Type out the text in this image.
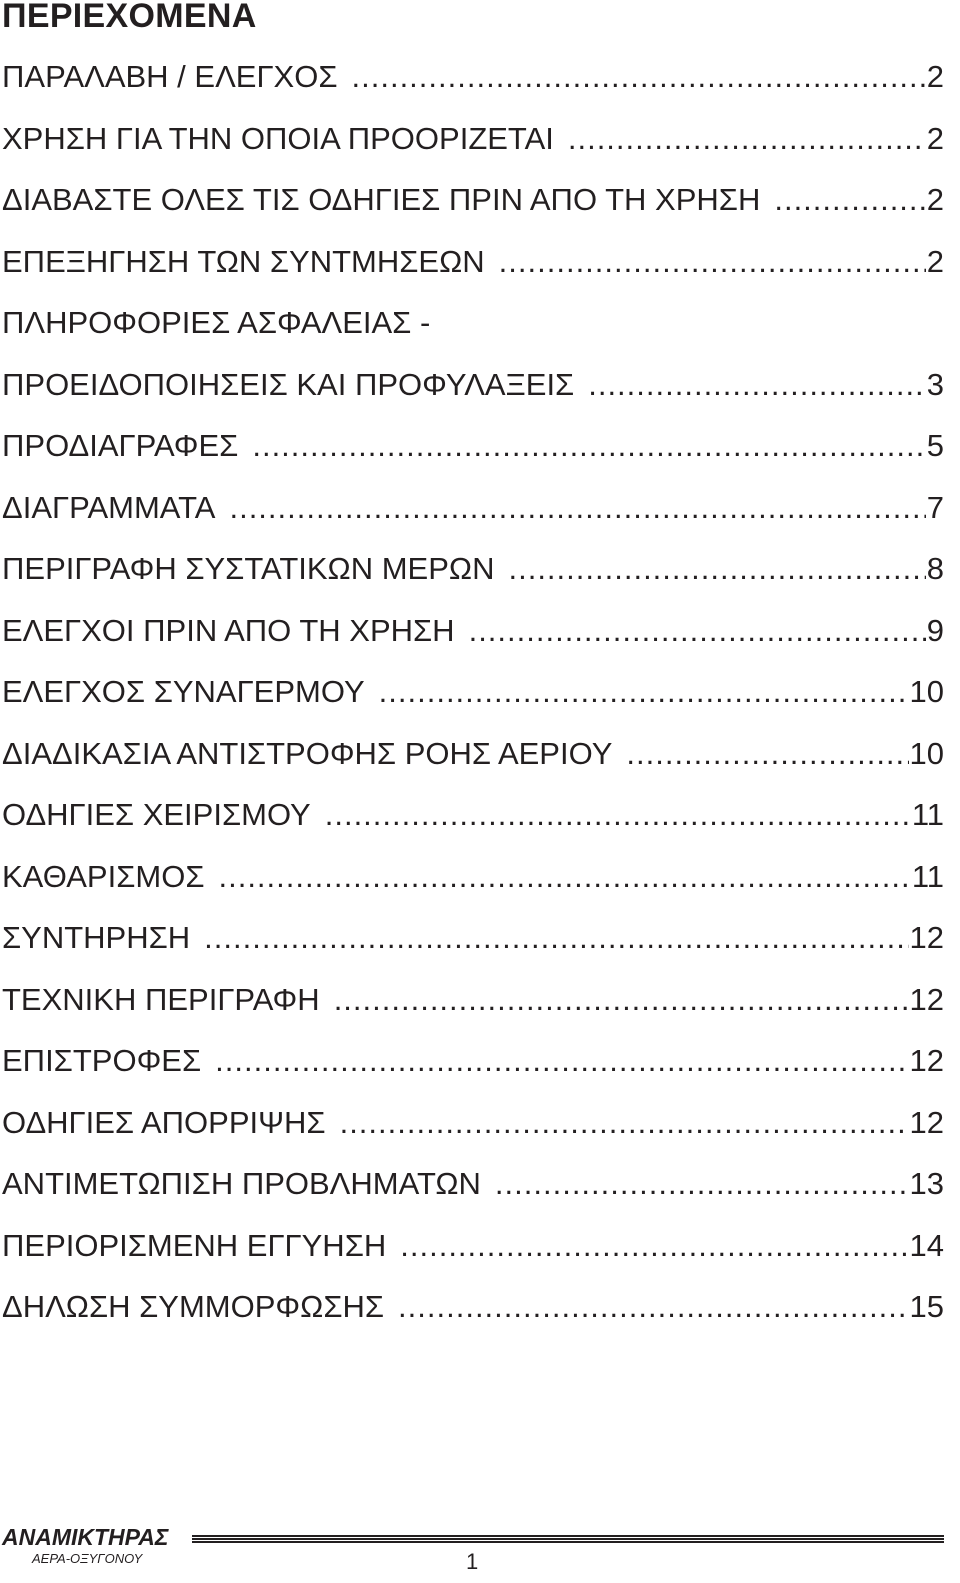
ΠΕΡΙΕΧΟΜΕΝΑ
ΠΑΡΑΛΑΒΗ / ΕΛΕΓΧΟΣ .....	2
ΧΡΗΣΗ ΓΙΑ ΤΗΝ ΟΠΟΙΑ ΠΡΟΟΡΙΖΕΤΑΙ .....	2
ΔΙΑΒΑΣΤΕ ΟΛΕΣ ΤΙΣ ΟΔΗΓΙΕΣ ΠΡΙΝ ΑΠΟ ΤΗ ΧΡΗΣΗ .....	2
ΕΠΕΞΗΓΗΣΗ ΤΩΝ ΣΥΝΤΜΗΣΕΩΝ .....	2
ΠΛΗΡΟΦΟΡΙΕΣ ΑΣΦΑΛΕΙΑΣ -
ΠΡΟΕΙΔΟΠΟΙΗΣΕΙΣ ΚΑΙ ΠΡΟΦΥΛΑΞΕΙΣ .....	3
ΠΡΟΔΙΑΓΡΑΦΕΣ .....	5
ΔΙΑΓΡΑΜΜΑΤΑ .....	7
ΠΕΡΙΓΡΑΦΗ ΣΥΣΤΑΤΙΚΩΝ ΜΕΡΩΝ .....	8
ΕΛΕΓΧΟΙ ΠΡΙΝ ΑΠΟ ΤΗ ΧΡΗΣΗ .....	9
ΕΛΕΓΧΟΣ ΣΥΝΑΓΕΡΜΟΥ .....	10
ΔΙΑΔΙΚΑΣΙΑ ΑΝΤΙΣΤΡΟΦΗΣ ΡΟΗΣ ΑΕΡΙΟΥ .....	10
ΟΔΗΓΙΕΣ ΧΕΙΡΙΣΜΟΥ .....	11
ΚΑΘΑΡΙΣΜΟΣ .....	11
ΣΥΝΤΗΡΗΣΗ .....	12
ΤΕΧΝΙΚΗ ΠΕΡΙΓΡΑΦΗ .....	12
ΕΠΙΣΤΡΟΦΕΣ .....	12
ΟΔΗΓΙΕΣ ΑΠΟΡΡΙΨΗΣ .....	12
ΑΝΤΙΜΕΤΩΠΙΣΗ ΠΡΟΒΛΗΜΑΤΩΝ .....	13
ΠΕΡΙΟΡΙΣΜΕΝΗ ΕΓΓΥΗΣΗ .....	14
ΔΗΛΩΣΗ ΣΥΜΜΟΡΦΩΣΗΣ .....	15
ΑΝΑΜΙΚΤΗΡΑΣ
ΑΕΡΑ-ΟΞΥΓΟΝΟΥ	1
